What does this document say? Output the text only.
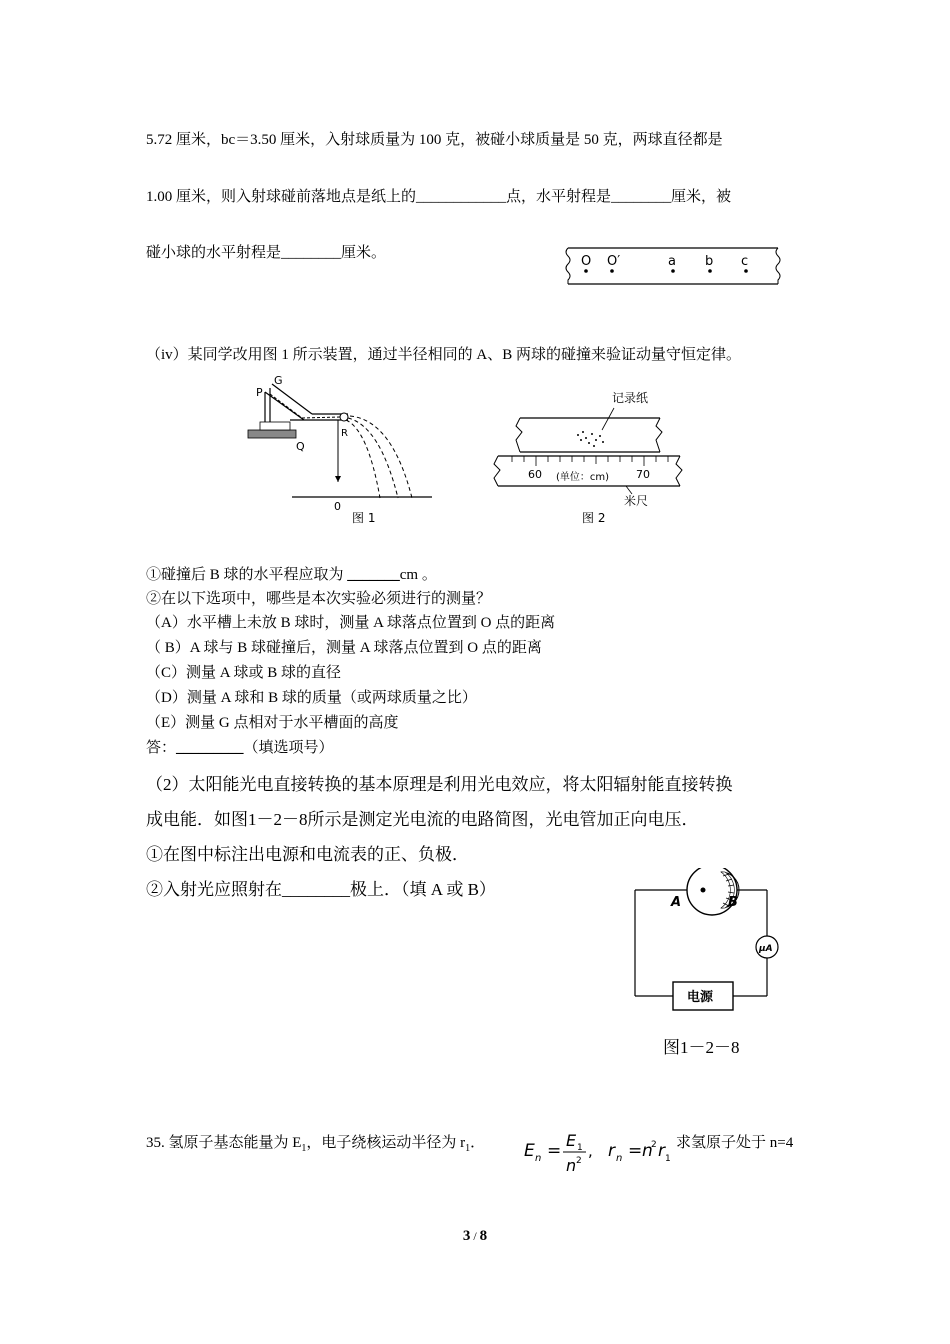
5.72 厘米，bc＝3.50 厘米，入射球质量为 100 克，被碰小球质量是 50 克，两球直径都是
1.00 厘米，则入射球碰前落地点是纸上的____________点，水平射程是________厘米，被
碰小球的水平射程是________厘米。
O O′	a b c
（iv）某同学改用图 1 所示装置，通过半径相同的 A、B 两球的碰撞来验证动量守恒定律。
P
G
Q
R
0
图 1
记录纸
60	70
(单位：cm)
米尺
图 2
①碰撞后 B 球的水平程应取为 _______cm 。
②在以下选项中，哪些是本次实验必须进行的测量？
（A）水平槽上未放 B 球时，测量 A 球落点位置到 O 点的距离
（ B）A 球与 B 球碰撞后，测量 A 球落点位置到 O 点的距离
（C）测量 A 球或 B 球的直径
（D）测量 A 球和 B 球的质量（或两球质量之比）
（E）测量 G 点相对于水平槽面的高度
答：_________（填选项号）
（2）太阳能光电直接转换的基本原理是利用光电效应，将太阳辐射能直接转换
成电能．如图1－2－8所示是测定光电流的电路简图，光电管加正向电压．
①在图中标注出电源和电流表的正、负极．
②入射光应照射在________极上．（填 A 或 B）
A	B
μA
电源
图1－2－8
35. 氢原子基态能量为 $E_1$，电子绕核运动半径为 $r_1$． E n =
E 1
n 2
, r n = n
2 r 1
求氢原子处于 n=4
3 / 8
